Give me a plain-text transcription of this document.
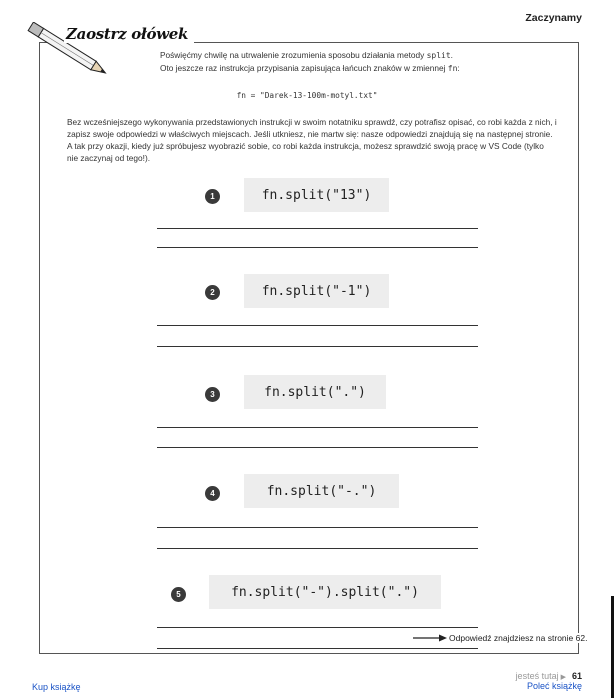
Zaczynamy
Zaostrz ołówek
Poświęćmy chwilę na utrwalenie zrozumienia sposobu działania metody split.
Oto jeszcze raz instrukcja przypisania zapisująca łańcuch znaków w zmiennej fn:
fn = "Darek-13-100m-motyl.txt"
Bez wcześniejszego wykonywania przedstawionych instrukcji w swoim notatniku sprawdź, czy potrafisz opisać, co robi każda z nich, i zapisz swoje odpowiedzi w właściwych miejscach. Jeśli utkniesz, nie martw się: nasze odpowiedzi znajdują się na następnej stronie. A tak przy okazji, kiedy już spróbujesz wyobrazić sobie, co robi każda instrukcja, możesz sprawdzić swoją pracę w VS Code (tylko nie zaczynaj od tego!).
1	fn.split("13")
2	fn.split("-1")
3	fn.split(".")
4	fn.split("-.")
5	fn.split("-").split(".")
Odpowiedź znajdziesz na stronie 62.
Kup książkę
jesteś tutaj ▶ 61
Poleć książkę
